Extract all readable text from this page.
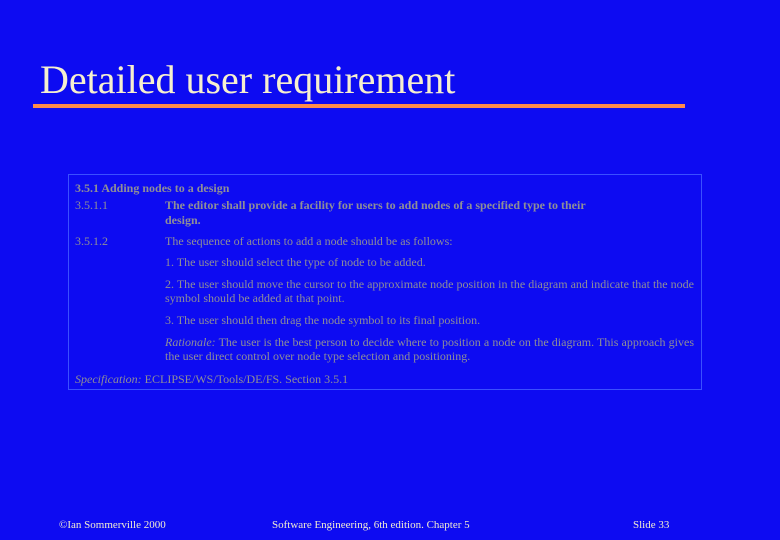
Detailed user requirement
3.5.1 Adding nodes to a design
3.5.1.1	The editor shall provide a facility for users to add nodes of a specified type to their
design.
3.5.1.2	The sequence of actions to add a node should be as follows:
1. The user should select the type of node to be added.
2. The user should move the cursor to the approximate node position in the diagram and indicate that the node symbol should be added at that point.
3. The user should then drag the node symbol to its final position.
Rationale: The user is the best person to decide where to position a node on the diagram. This approach gives the user direct control over node type selection and positioning.
Specification: ECLIPSE/WS/Tools/DE/FS. Section 3.5.1
©Ian Sommerville 2000	Software Engineering, 6th edition. Chapter 5	Slide 33
